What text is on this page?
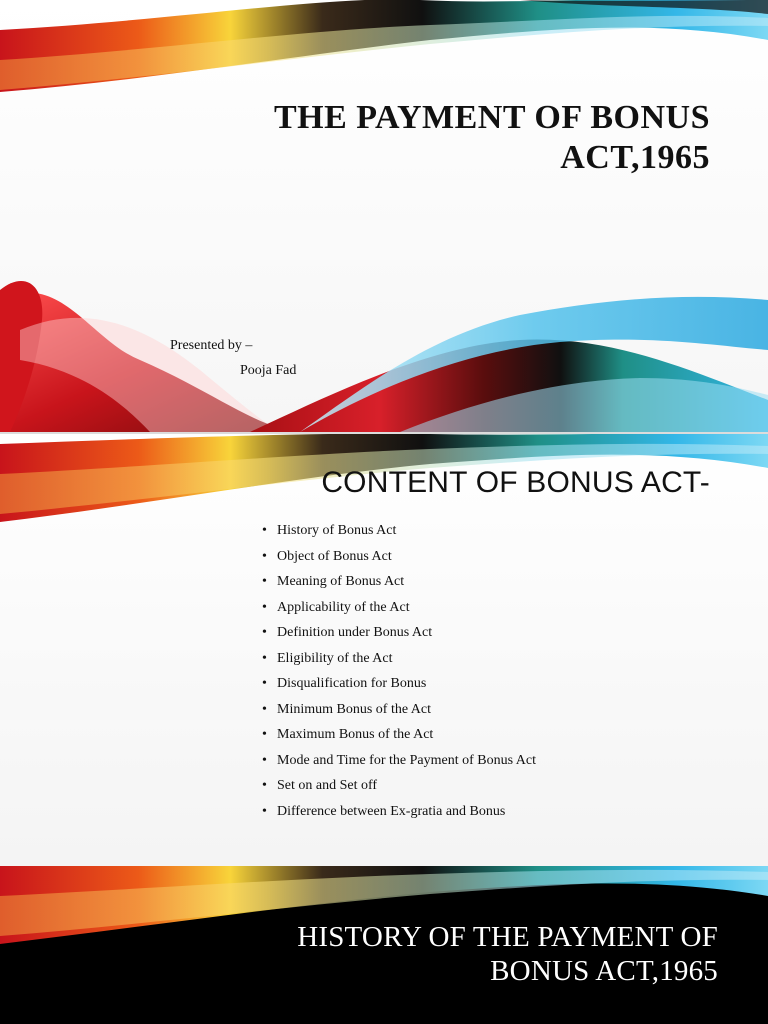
THE PAYMENT OF BONUS
ACT,1965
Presented by –
Pooja Fad
CONTENT OF BONUS ACT-
• History of Bonus Act
• Object of Bonus Act
• Meaning of Bonus Act
• Applicability of the Act
• Definition under Bonus Act
• Eligibility of the Act
• Disqualification for Bonus
• Minimum Bonus of the Act
• Maximum Bonus of the Act
• Mode and Time for the Payment of Bonus Act
• Set on and Set off
• Difference between Ex-gratia and Bonus
HISTORY OF THE PAYMENT OF
BONUS ACT,1965
